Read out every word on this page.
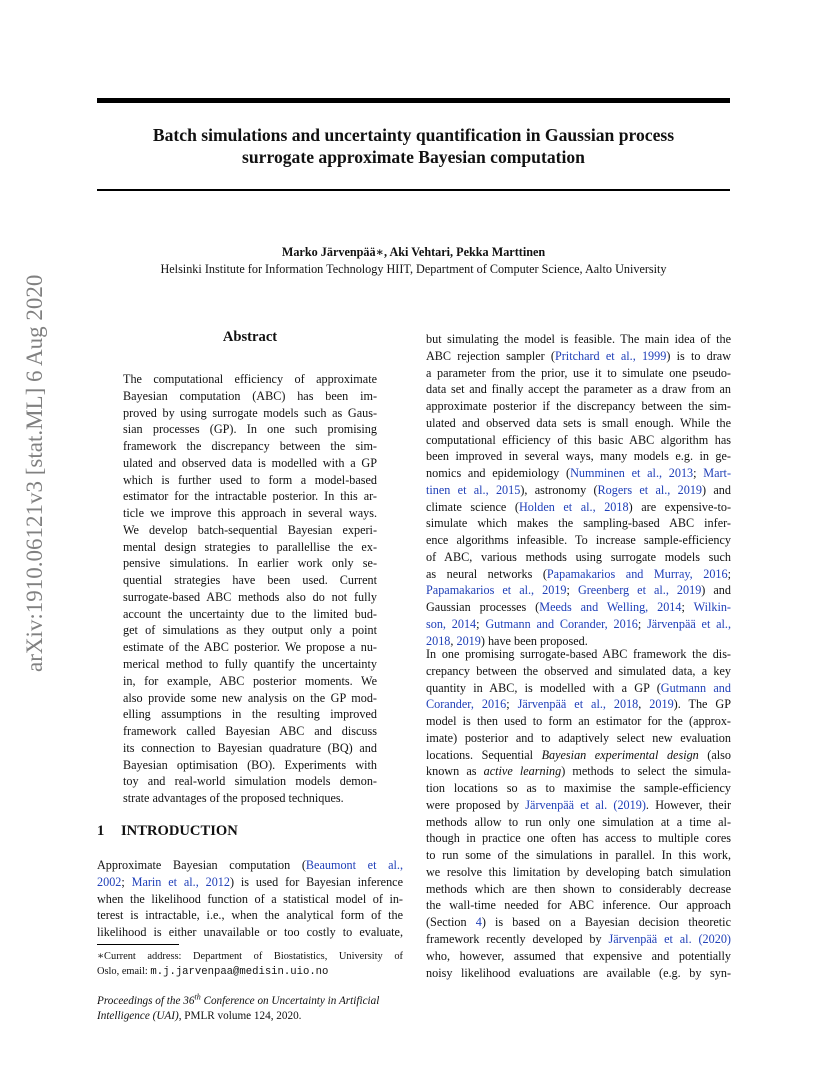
Batch simulations and uncertainty quantification in Gaussian process
surrogate approximate Bayesian computation
Marko Järvenpää∗, Aki Vehtari, Pekka Marttinen
Helsinki Institute for Information Technology HIIT, Department of Computer Science, Aalto University
arXiv:1910.06121v3 [stat.ML] 6 Aug 2020	Abstract
The computational efficiency of approximate
Bayesian computation (ABC) has been im-
proved by using surrogate models such as Gaus-
sian processes (GP). In one such promising
framework the discrepancy between the sim-
ulated and observed data is modelled with a GP
which is further used to form a model-based
estimator for the intractable posterior. In this ar-
ticle we improve this approach in several ways.
We develop batch-sequential Bayesian experi-
mental design strategies to parallellise the ex-
pensive simulations. In earlier work only se-
quential strategies have been used. Current
surrogate-based ABC methods also do not fully
account the uncertainty due to the limited bud-
get of simulations as they output only a point
estimate of the ABC posterior. We propose a nu-
merical method to fully quantify the uncertainty
in, for example, ABC posterior moments. We
also provide some new analysis on the GP mod-
elling assumptions in the resulting improved
framework called Bayesian ABC and discuss
its connection to Bayesian quadrature (BQ) and
Bayesian optimisation (BO). Experiments with
toy and real-world simulation models demon-
strate advantages of the proposed techniques.
1 INTRODUCTION
Approximate Bayesian computation (Beaumont et al.,
2002; Marin et al., 2012) is used for Bayesian inference
when the likelihood function of a statistical model of in-
terest is intractable, i.e., when the analytical form of the
likelihood is either unavailable or too costly to evaluate,
∗Current address: Department of Biostatistics, University of
Oslo, email: m.j.jarvenpaa@medisin.uio.no
Proceedings of the 36th Conference on Uncertainty in Artificial
Intelligence (UAI), PMLR volume 124, 2020.
but simulating the model is feasible. The main idea of the
ABC rejection sampler (Pritchard et al., 1999) is to draw
a parameter from the prior, use it to simulate one pseudo-
data set and finally accept the parameter as a draw from an
approximate posterior if the discrepancy between the sim-
ulated and observed data sets is small enough. While the
computational efficiency of this basic ABC algorithm has
been improved in several ways, many models e.g. in ge-
nomics and epidemiology (Numminen et al., 2013; Mart-
tinen et al., 2015), astronomy (Rogers et al., 2019) and
climate science (Holden et al., 2018) are expensive-to-
simulate which makes the sampling-based ABC infer-
ence algorithms infeasible. To increase sample-efficiency
of ABC, various methods using surrogate models such
as neural networks (Papamakarios and Murray, 2016;
Papamakarios et al., 2019; Greenberg et al., 2019) and
Gaussian processes (Meeds and Welling, 2014; Wilkin-
son, 2014; Gutmann and Corander, 2016; Järvenpää et al.,
2018, 2019) have been proposed.
In one promising surrogate-based ABC framework the dis-
crepancy between the observed and simulated data, a key
quantity in ABC, is modelled with a GP (Gutmann and
Corander, 2016; Järvenpää et al., 2018, 2019). The GP
model is then used to form an estimator for the (approx-
imate) posterior and to adaptively select new evaluation
locations. Sequential Bayesian experimental design (also
known as active learning) methods to select the simula-
tion locations so as to maximise the sample-efficiency
were proposed by Järvenpää et al. (2019). However, their
methods allow to run only one simulation at a time al-
though in practice one often has access to multiple cores
to run some of the simulations in parallel. In this work,
we resolve this limitation by developing batch simulation
methods which are then shown to considerably decrease
the wall-time needed for ABC inference. Our approach
(Section 4) is based on a Bayesian decision theoretic
framework recently developed by Järvenpää et al. (2020)
who, however, assumed that expensive and potentially
noisy likelihood evaluations are available (e.g. by syn-
